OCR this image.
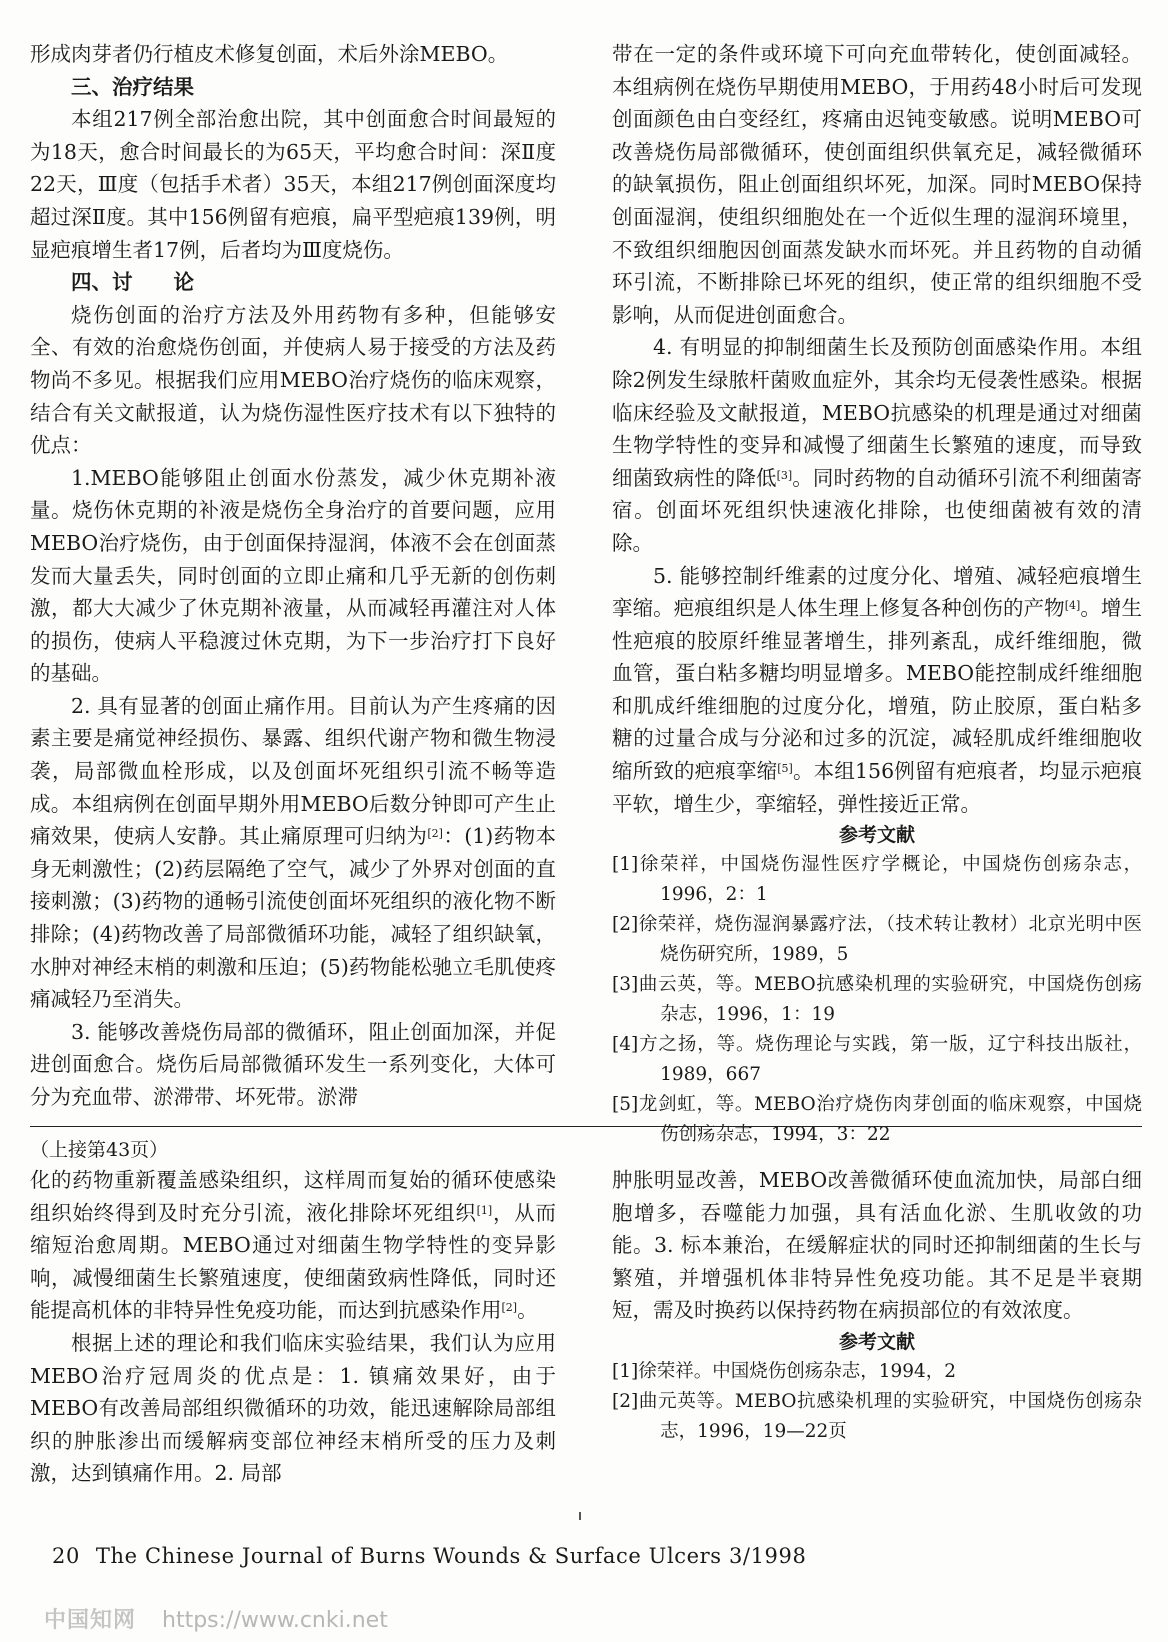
形成肉芽者仍行植皮术修复创面，术后外涂MEBO。

三、治疗结果

本组217例全部治愈出院，其中创面愈合时间最短的为18天，愈合时间最长的为65天，平均愈合时间：深Ⅱ度22天，Ⅲ度（包括手术者）35天，本组217例创面深度均超过深Ⅱ度。其中156例留有疤痕，扁平型疤痕139例，明显疤痕增生者17例，后者均为Ⅲ度烧伤。

四、讨　　论

烧伤创面的治疗方法及外用药物有多种，但能够安全、有效的治愈烧伤创面，并使病人易于接受的方法及药物尚不多见。根据我们应用MEBO治疗烧伤的临床观察，结合有关文献报道，认为烧伤湿性医疗技术有以下独特的优点：

1.MEBO能够阻止创面水份蒸发，减少休克期补液量。烧伤休克期的补液是烧伤全身治疗的首要问题，应用MEBO治疗烧伤，由于创面保持湿润，体液不会在创面蒸发而大量丢失，同时创面的立即止痛和几乎无新的创伤刺激，都大大减少了休克期补液量，从而减轻再灌注对人体的损伤，使病人平稳渡过休克期，为下一步治疗打下良好的基础。

2. 具有显著的创面止痛作用。目前认为产生疼痛的因素主要是痛觉神经损伤、暴露、组织代谢产物和微生物浸袭，局部微血栓形成，以及创面坏死组织引流不畅等造成。本组病例在创面早期外用MEBO后数分钟即可产生止痛效果，使病人安静。其止痛原理可归纳为[2]：(1)药物本身无刺激性；(2)药层隔绝了空气，减少了外界对创面的直接刺激；(3)药物的通畅引流使创面坏死组织的液化物不断排除；(4)药物改善了局部微循环功能，减轻了组织缺氧，水肿对神经末梢的刺激和压迫；(5)药物能松驰立毛肌使疼痛减轻乃至消失。

3. 能够改善烧伤局部的微循环，阻止创面加深，并促进创面愈合。烧伤后局部微循环发生一系列变化，大体可分为充血带、淤滞带、坏死带。淤滞

带在一定的条件或环境下可向充血带转化，使创面减轻。本组病例在烧伤早期使用MEBO，于用药48小时后可发现创面颜色由白变经红，疼痛由迟钝变敏感。说明MEBO可改善烧伤局部微循环，使创面组织供氧充足，减轻微循环的缺氧损伤，阻止创面组织坏死，加深。同时MEBO保持创面湿润，使组织细胞处在一个近似生理的湿润环境里，不致组织细胞因创面蒸发缺水而坏死。并且药物的自动循环引流，不断排除已坏死的组织，使正常的组织细胞不受影响，从而促进创面愈合。

4. 有明显的抑制细菌生长及预防创面感染作用。本组除2例发生绿脓杆菌败血症外，其余均无侵袭性感染。根据临床经验及文献报道，MEBO抗感染的机理是通过对细菌生物学特性的变异和减慢了细菌生长繁殖的速度，而导致细菌致病性的降低[3]。同时药物的自动循环引流不利细菌寄宿。创面坏死组织快速液化排除，也使细菌被有效的清除。

5. 能够控制纤维素的过度分化、增殖、减轻疤痕增生挛缩。疤痕组织是人体生理上修复各种创伤的产物[4]。增生性疤痕的胶原纤维显著增生，排列紊乱，成纤维细胞，微血管，蛋白粘多糖均明显增多。MEBO能控制成纤维细胞和肌成纤维细胞的过度分化，增殖，防止胶原，蛋白粘多糖的过量合成与分泌和过多的沉淀，减轻肌成纤维细胞收缩所致的疤痕挛缩[5]。本组156例留有疤痕者，均显示疤痕平软，增生少，挛缩轻，弹性接近正常。

参考文献

[1]徐荣祥，中国烧伤湿性医疗学概论，中国烧伤创疡杂志，1996，2：1

[2]徐荣祥，烧伤湿润暴露疗法，（技术转让教材）北京光明中医烧伤研究所，1989，5

[3]曲云英，等。MEBO抗感染机理的实验研究，中国烧伤创疡杂志，1996，1：19

[4]方之扬，等。烧伤理论与实践，第一版，辽宁科技出版社，1989，667

[5]龙剑虹，等。MEBO治疗烧伤肉芽创面的临床观察，中国烧伤创疡杂志，1994，3：22

（上接第43页）

化的药物重新覆盖感染组织，这样周而复始的循环使感染组织始终得到及时充分引流，液化排除坏死组织[1]，从而缩短治愈周期。MEBO通过对细菌生物学特性的变异影响，减慢细菌生长繁殖速度，使细菌致病性降低，同时还能提高机体的非特异性免疫功能，而达到抗感染作用[2]。

根据上述的理论和我们临床实验结果，我们认为应用MEBO治疗冠周炎的优点是：1. 镇痛效果好，由于MEBO有改善局部组织微循环的功效，能迅速解除局部组织的肿胀渗出而缓解病变部位神经末梢所受的压力及刺激，达到镇痛作用。2. 局部

肿胀明显改善，MEBO改善微循环使血流加快，局部白细胞增多，吞噬能力加强，具有活血化淤、生肌收敛的功能。3. 标本兼治，在缓解症状的同时还抑制细菌的生长与繁殖，并增强机体非特异性免疫功能。其不足是半衰期短，需及时换药以保持药物在病损部位的有效浓度。

参考文献

[1]徐荣祥。中国烧伤创疡杂志，1994，2

[2]曲元英等。MEBO抗感染机理的实验研究，中国烧伤创疡杂志，1996，19—22页

20 The Chinese Journal of Burns Wounds & Surface Ulcers 3/1998
中国知网 https://www.cnki.net
